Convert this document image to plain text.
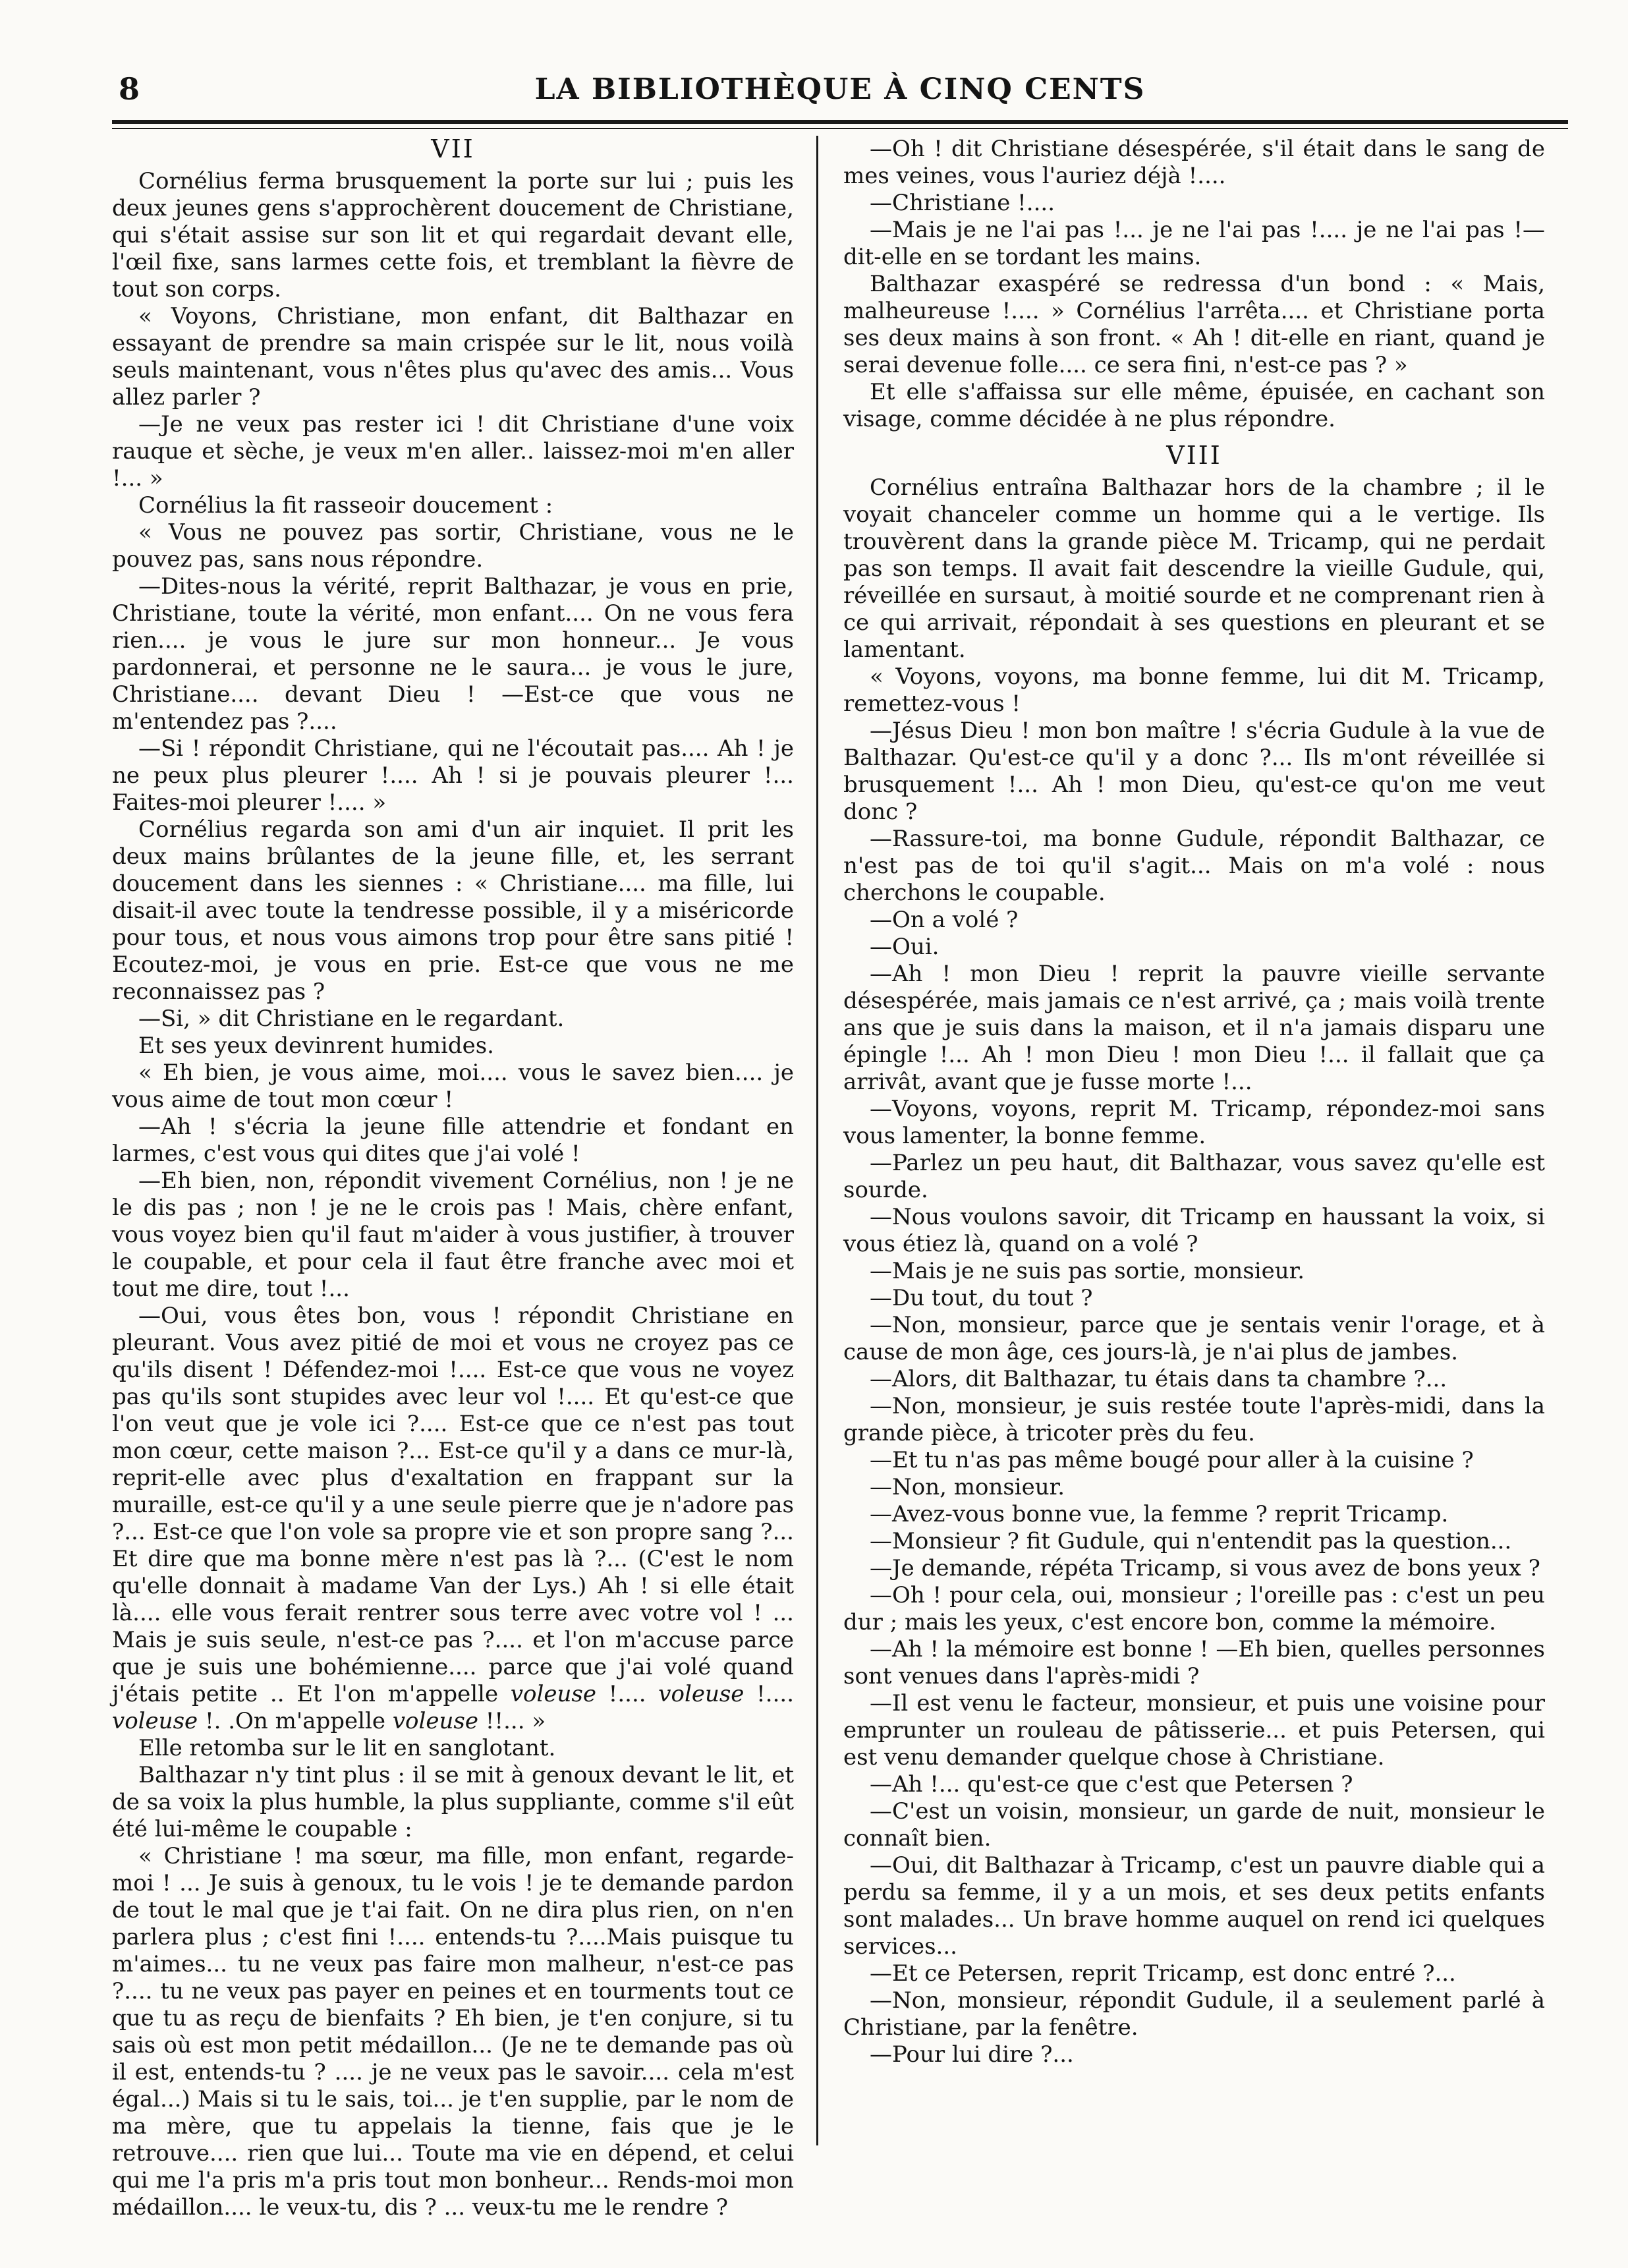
8	LA BIBLIOTHÈQUE À CINQ CENTS
VII

Cornélius ferma brusquement la porte sur lui ; puis les deux jeunes gens s'approchèrent doucement de Christiane, qui s'était assise sur son lit et qui regardait devant elle, l'œil fixe, sans larmes cette fois, et tremblant la fièvre de tout son corps.

« Voyons, Christiane, mon enfant, dit Balthazar en essayant de prendre sa main crispée sur le lit, nous voilà seuls maintenant, vous n'êtes plus qu'avec des amis... Vous allez parler ?

—Je ne veux pas rester ici ! dit Christiane d'une voix rauque et sèche, je veux m'en aller.. laissez-moi m'en aller !... »

Cornélius la fit rasseoir doucement :

« Vous ne pouvez pas sortir, Christiane, vous ne le pouvez pas, sans nous répondre.

—Dites-nous la vérité, reprit Balthazar, je vous en prie, Christiane, toute la vérité, mon enfant.... On ne vous fera rien.... je vous le jure sur mon honneur... Je vous pardonnerai, et personne ne le saura... je vous le jure, Christiane.... devant Dieu ! —Est-ce que vous ne m'entendez pas ?....

—Si ! répondit Christiane, qui ne l'écoutait pas.... Ah ! je ne peux plus pleurer !.... Ah ! si je pouvais pleurer !... Faites-moi pleurer !.... »

Cornélius regarda son ami d'un air inquiet. Il prit les deux mains brûlantes de la jeune fille, et, les serrant doucement dans les siennes : « Christiane.... ma fille, lui disait-il avec toute la tendresse possible, il y a miséricorde pour tous, et nous vous aimons trop pour être sans pitié ! Ecoutez-moi, je vous en prie. Est-ce que vous ne me reconnaissez pas ?

—Si, » dit Christiane en le regardant.

Et ses yeux devinrent humides.

« Eh bien, je vous aime, moi.... vous le savez bien.... je vous aime de tout mon cœur !

—Ah ! s'écria la jeune fille attendrie et fondant en larmes, c'est vous qui dites que j'ai volé !

—Eh bien, non, répondit vivement Cornélius, non ! je ne le dis pas ; non ! je ne le crois pas ! Mais, chère enfant, vous voyez bien qu'il faut m'aider à vous justifier, à trouver le coupable, et pour cela il faut être franche avec moi et tout me dire, tout !...

—Oui, vous êtes bon, vous ! répondit Christiane en pleurant. Vous avez pitié de moi et vous ne croyez pas ce qu'ils disent ! Défendez-moi !.... Est-ce que vous ne voyez pas qu'ils sont stupides avec leur vol !.... Et qu'est-ce que l'on veut que je vole ici ?.... Est-ce que ce n'est pas tout mon cœur, cette maison ?... Est-ce qu'il y a dans ce mur-là, reprit-elle avec plus d'exaltation en frappant sur la muraille, est-ce qu'il y a une seule pierre que je n'adore pas ?... Est-ce que l'on vole sa propre vie et son propre sang ?... Et dire que ma bonne mère n'est pas là ?... (C'est le nom qu'elle donnait à madame Van der Lys.) Ah ! si elle était là.... elle vous ferait rentrer sous terre avec votre vol ! ... Mais je suis seule, n'est-ce pas ?.... et l'on m'accuse parce que je suis une bohémienne.... parce que j'ai volé quand j'étais petite .. Et l'on m'appelle voleuse !.... voleuse !.... voleuse !. .On m'appelle voleuse !!... »

Elle retomba sur le lit en sanglotant.

Balthazar n'y tint plus : il se mit à genoux devant le lit, et de sa voix la plus humble, la plus suppliante, comme s'il eût été lui-même le coupable :

« Christiane ! ma sœur, ma fille, mon enfant, regarde-moi ! ... Je suis à genoux, tu le vois ! je te demande pardon de tout le mal que je t'ai fait. On ne dira plus rien, on n'en parlera plus ; c'est fini !.... entends-tu ?....Mais puisque tu m'aimes... tu ne veux pas faire mon malheur, n'est-ce pas ?.... tu ne veux pas payer en peines et en tourments tout ce que tu as reçu de bienfaits ? Eh bien, je t'en conjure, si tu sais où est mon petit médaillon... (Je ne te demande pas où il est, entends-tu ? .... je ne veux pas le savoir.... cela m'est égal...) Mais si tu le sais, toi... je t'en supplie, par le nom de ma mère, que tu appelais la tienne, fais que je le retrouve.... rien que lui... Toute ma vie en dépend, et celui qui me l'a pris m'a pris tout mon bonheur... Rends-moi mon médaillon.... le veux-tu, dis ? ... veux-tu me le rendre ?

—Oh ! dit Christiane désespérée, s'il était dans le sang de mes veines, vous l'auriez déjà !....

—Christiane !....

—Mais je ne l'ai pas !... je ne l'ai pas !.... je ne l'ai pas !— dit-elle en se tordant les mains.

Balthazar exaspéré se redressa d'un bond : « Mais, malheureuse !.... » Cornélius l'arrêta.... et Christiane porta ses deux mains à son front. « Ah ! dit-elle en riant, quand je serai devenue folle.... ce sera fini, n'est-ce pas ? »

Et elle s'affaissa sur elle même, épuisée, en cachant son visage, comme décidée à ne plus répondre.

VIII

Cornélius entraîna Balthazar hors de la chambre ; il le voyait chanceler comme un homme qui a le vertige. Ils trouvèrent dans la grande pièce M. Tricamp, qui ne perdait pas son temps. Il avait fait descendre la vieille Gudule, qui, réveillée en sursaut, à moitié sourde et ne comprenant rien à ce qui arrivait, répondait à ses questions en pleurant et se lamentant.

« Voyons, voyons, ma bonne femme, lui dit M. Tricamp, remettez-vous !

—Jésus Dieu ! mon bon maître ! s'écria Gudule à la vue de Balthazar. Qu'est-ce qu'il y a donc ?... Ils m'ont réveillée si brusquement !... Ah ! mon Dieu, qu'est-ce qu'on me veut donc ?

—Rassure-toi, ma bonne Gudule, répondit Balthazar, ce n'est pas de toi qu'il s'agit... Mais on m'a volé : nous cherchons le coupable.

—On a volé ?

—Oui.

—Ah ! mon Dieu ! reprit la pauvre vieille servante désespérée, mais jamais ce n'est arrivé, ça ; mais voilà trente ans que je suis dans la maison, et il n'a jamais disparu une épingle !... Ah ! mon Dieu ! mon Dieu !... il fallait que ça arrivât, avant que je fusse morte !...

—Voyons, voyons, reprit M. Tricamp, répondez-moi sans vous lamenter, la bonne femme.

—Parlez un peu haut, dit Balthazar, vous savez qu'elle est sourde.

—Nous voulons savoir, dit Tricamp en haussant la voix, si vous étiez là, quand on a volé ?

—Mais je ne suis pas sortie, monsieur.

—Du tout, du tout ?

—Non, monsieur, parce que je sentais venir l'orage, et à cause de mon âge, ces jours-là, je n'ai plus de jambes.

—Alors, dit Balthazar, tu étais dans ta chambre ?...

—Non, monsieur, je suis restée toute l'après-midi, dans la grande pièce, à tricoter près du feu.

—Et tu n'as pas même bougé pour aller à la cuisine ?

—Non, monsieur.

—Avez-vous bonne vue, la femme ? reprit Tricamp.

—Monsieur ? fit Gudule, qui n'entendit pas la question...

—Je demande, répéta Tricamp, si vous avez de bons yeux ?

—Oh ! pour cela, oui, monsieur ; l'oreille pas : c'est un peu dur ; mais les yeux, c'est encore bon, comme la mémoire.

—Ah ! la mémoire est bonne ! —Eh bien, quelles personnes sont venues dans l'après-midi ?

—Il est venu le facteur, monsieur, et puis une voisine pour emprunter un rouleau de pâtisserie... et puis Petersen, qui est venu demander quelque chose à Christiane.

—Ah !... qu'est-ce que c'est que Petersen ?

—C'est un voisin, monsieur, un garde de nuit, monsieur le connaît bien.

—Oui, dit Balthazar à Tricamp, c'est un pauvre diable qui a perdu sa femme, il y a un mois, et ses deux petits enfants sont malades... Un brave homme auquel on rend ici quelques services...

—Et ce Petersen, reprit Tricamp, est donc entré ?...

—Non, monsieur, répondit Gudule, il a seulement parlé à Christiane, par la fenêtre.

—Pour lui dire ?...
